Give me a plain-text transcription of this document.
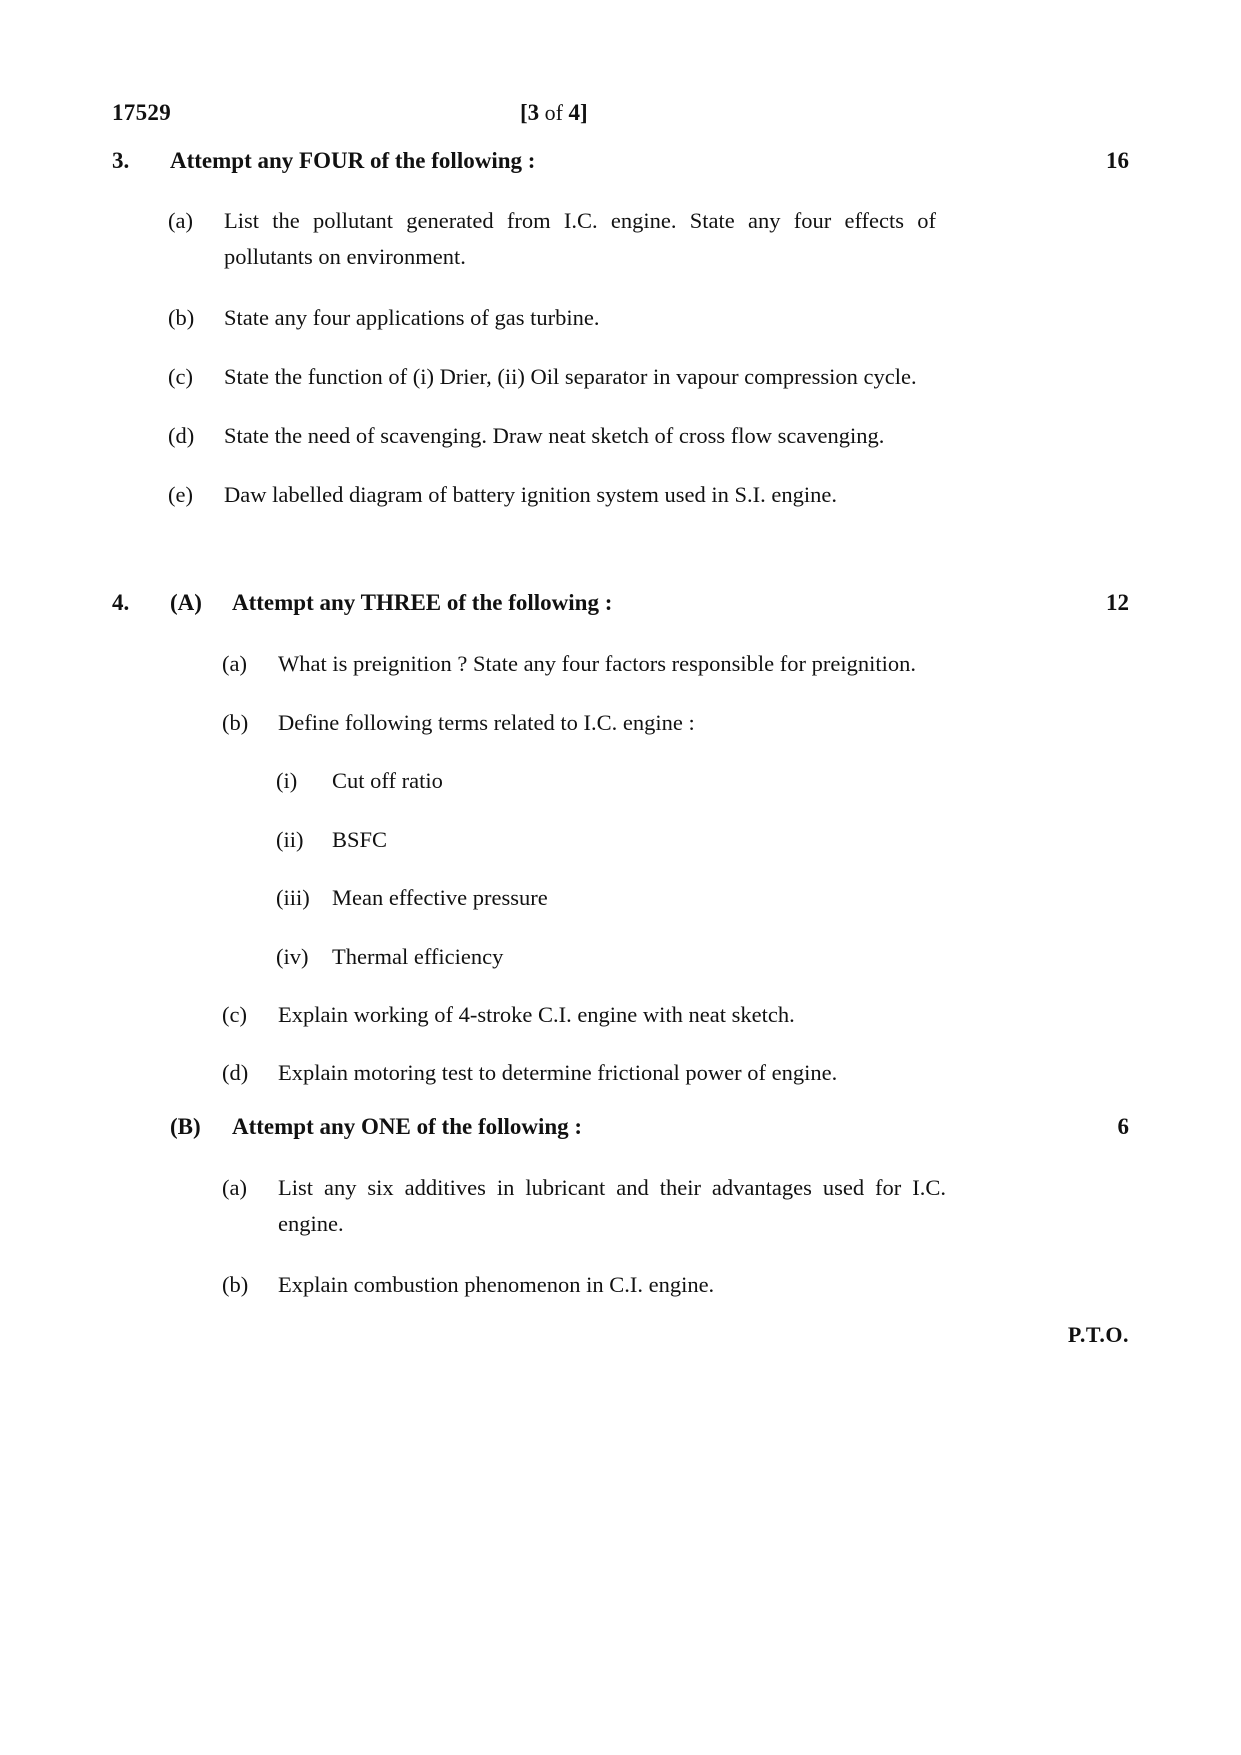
17529	[3 of 4]
3.	Attempt any FOUR of the following :	16
(a)	List the pollutant generated from I.C. engine. State any four effects of pollutants on environment.
(b)	State any four applications of gas turbine.
(c)	State the function of (i) Drier, (ii) Oil separator in vapour compression cycle.
(d)	State the need of scavenging. Draw neat sketch of cross flow scavenging.
(e)	Daw labelled diagram of battery ignition system used in S.I. engine.
4.	(A)	Attempt any THREE of the following :	12
(a)	What is preignition ? State any four factors responsible for preignition.
(b)	Define following terms related to I.C. engine :
(i)	Cut off ratio
(ii)	BSFC
(iii) Mean effective pressure
(iv)	Thermal efficiency
(c)	Explain working of 4-stroke C.I. engine with neat sketch.
(d)	Explain motoring test to determine frictional power of engine.
(B)	Attempt any ONE of the following :	6
(a)	List any six additives in lubricant and their advantages used for I.C. engine.
(b)	Explain combustion phenomenon in C.I. engine.
P.T.O.
